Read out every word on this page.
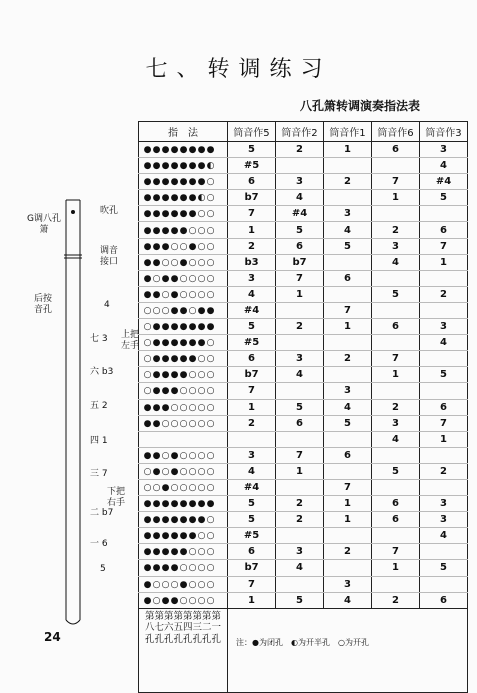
七、转调练习
八孔箫转调演奏指法表
吹孔
G调八孔箫
调音接口
后按音孔
上把左手
下把右手
4
七 3
六 b3
五 2
四 1
三 7
二 b7
一 6
5
指　法	筒音作5	筒音作2	筒音作1	筒音作6	筒音作3
●●●●●●●●	5	2	1	6	3
●●●●●●●◐	#5				4
●●●●●●●○	6	3	2	7	#4
●●●●●●◐○	b7	4		1	5
●●●●●●○○	7	#4	3		
●●●●●○○○	1	5	4	2	6
●●●○○●○○	2	6	5	3	7
●●○○●○○○	b3	b7		4	1
●○●●○○○○	3	7	6		
●●○●○○○○	4	1		5	2
○○○●●○●●	#4		7		
○●●●●●●●	5	2	1	6	3
○●●●●●●○	#5				4
○●●●●●○○	6	3	2	7	
○●●●●○○○	b7	4		1	5
○●●●○○○○	7		3		
●●●○○○○○	1	5	4	2	6
●●○○○○○○	2	6	5	3	7
				4	1
●●○●○○○○	3	7	6		
○●○●○○○○	4	1		5	2
○○●○○○○○	#4		7		
●●●●●●●●	5	2	1	6	3
●●●●●●●○	5	2	1	6	3
●●●●●●○○	#5				4
●●●●●○○○	6	3	2	7	
●●●●○○○○	b7	4		1	5
●○○○●○○○	7		3		
●○●●○○○○	1	5	4	2	6
第八孔第七孔第六孔第五孔第四孔第三孔第二孔第一孔	注：●为闭孔　◐为开半孔　○为开孔				
24
